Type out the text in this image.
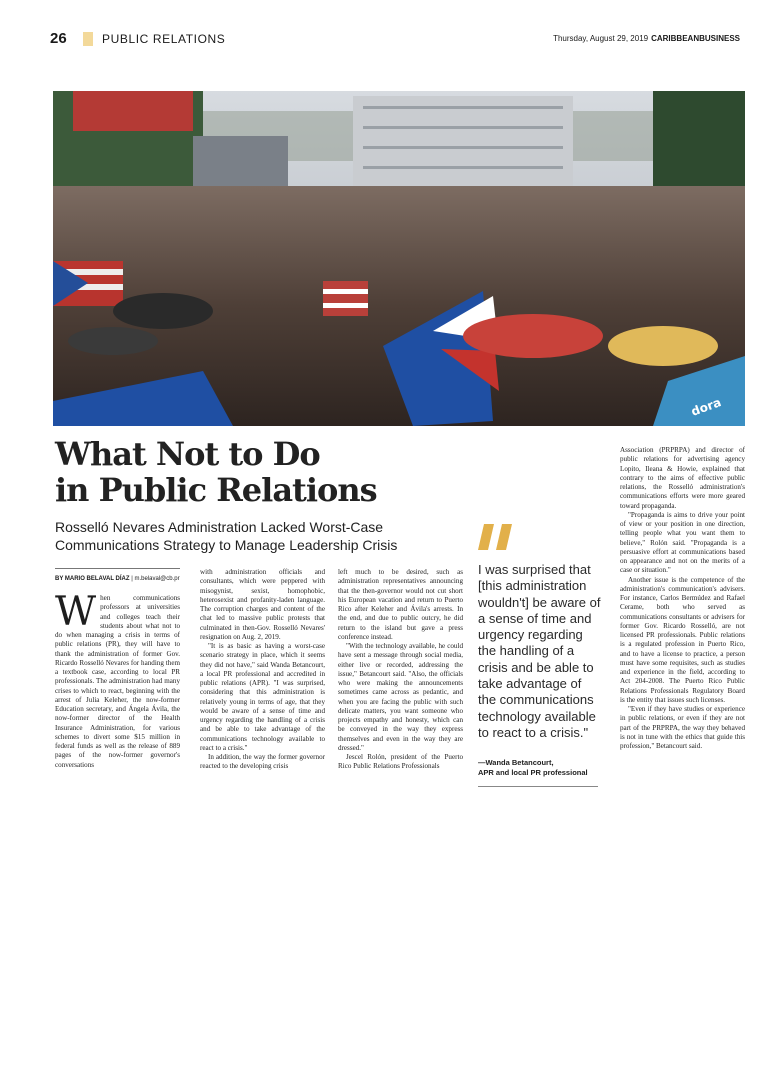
26	PUBLIC RELATIONS	Thursday, August 29, 2019 CARIBBEANBUSINESS
dora
What Not to Do
in Public Relations

Rosselló Nevares Administration Lacked Worst-Case Communications Strategy to Manage Leadership Crisis

BY MARIO BELAVAL DÍAZ | m.belaval@cb.pr

When communications professors at universities and colleges teach their students about what not to do when managing a crisis in terms of public relations (PR), they will have to thank the administration of former Gov. Ricardo Rosselló Nevares for handing them a textbook case, according to local PR professionals. The administration had many crises to which to react, beginning with the arrest of Julia Keleher, the now-former Education secretary, and Ángela Ávila, the now-former director of the Health Insurance Administration, for various schemes to divert some $15 million in federal funds as well as the release of 889 pages of the now-former governor's conversations

with administration officials and consultants, which were peppered with misogynist, sexist, homophobic, heterosexist and profanity-laden language. The corruption charges and content of the chat led to massive public protests that culminated in then-Gov. Rosselló Nevares' resignation on Aug. 2, 2019.

"It is as basic as having a worst-case scenario strategy in place, which it seems they did not have," said Wanda Betancourt, a local PR professional and accredited in public relations (APR). "I was surprised, considering that this administration is relatively young in terms of age, that they would be aware of a sense of time and urgency regarding the handling of a crisis and be able to take advantage of the communications technology available to react to a crisis."

In addition, the way the former governor reacted to the developing crisis

left much to be desired, such as administration representatives announcing that the then-governor would not cut short his European vacation and return to Puerto Rico after Keleher and Ávila's arrests. In the end, and due to public outcry, he did return to the island but gave a press conference instead.

"With the technology available, he could have sent a message through social media, either live or recorded, addressing the issue," Betancourt said. "Also, the officials who were making the announcements sometimes came across as pedantic, and when you are facing the public with such delicate matters, you want someone who projects empathy and honesty, which can be conveyed in the way they express themselves and even in the way they are dressed."

Jescel Rolón, president of the Puerto Rico Public Relations Professionals

I was surprised that [this administration wouldn't] be aware of a sense of time and urgency regarding the handling of a crisis and be able to take advantage of the communications technology available to react to a crisis."

—Wanda Betancourt,
APR and local PR professional

Association (PRPRPA) and director of public relations for advertising agency Lopito, Ileana & Howie, explained that contrary to the aims of effective public relations, the Rosselló administration's communications efforts were more geared toward propaganda.

"Propaganda is aims to drive your point of view or your position in one direction, telling people what you want them to believe," Rolón said. "Propaganda is a persuasive effort at communications based on appearance and not on the merits of a case or situation."

Another issue is the competence of the administration's communication's advisers. For instance, Carlos Bermúdez and Rafael Cerame, both who served as communications consultants or advisers for former Gov. Ricardo Rosselló, are not licensed PR professionals. Public relations is a regulated profession in Puerto Rico, and to have a license to practice, a person must have some requisites, such as studies and experience in the field, according to Act 204-2008. The Puerto Rico Public Relations Professionals Regulatory Board is the entity that issues such licenses.

"Even if they have studies or experience in public relations, or even if they are not part of the PRPRPA, the way they behaved is not in tune with the ethics that guide this profession," Betancourt said.
